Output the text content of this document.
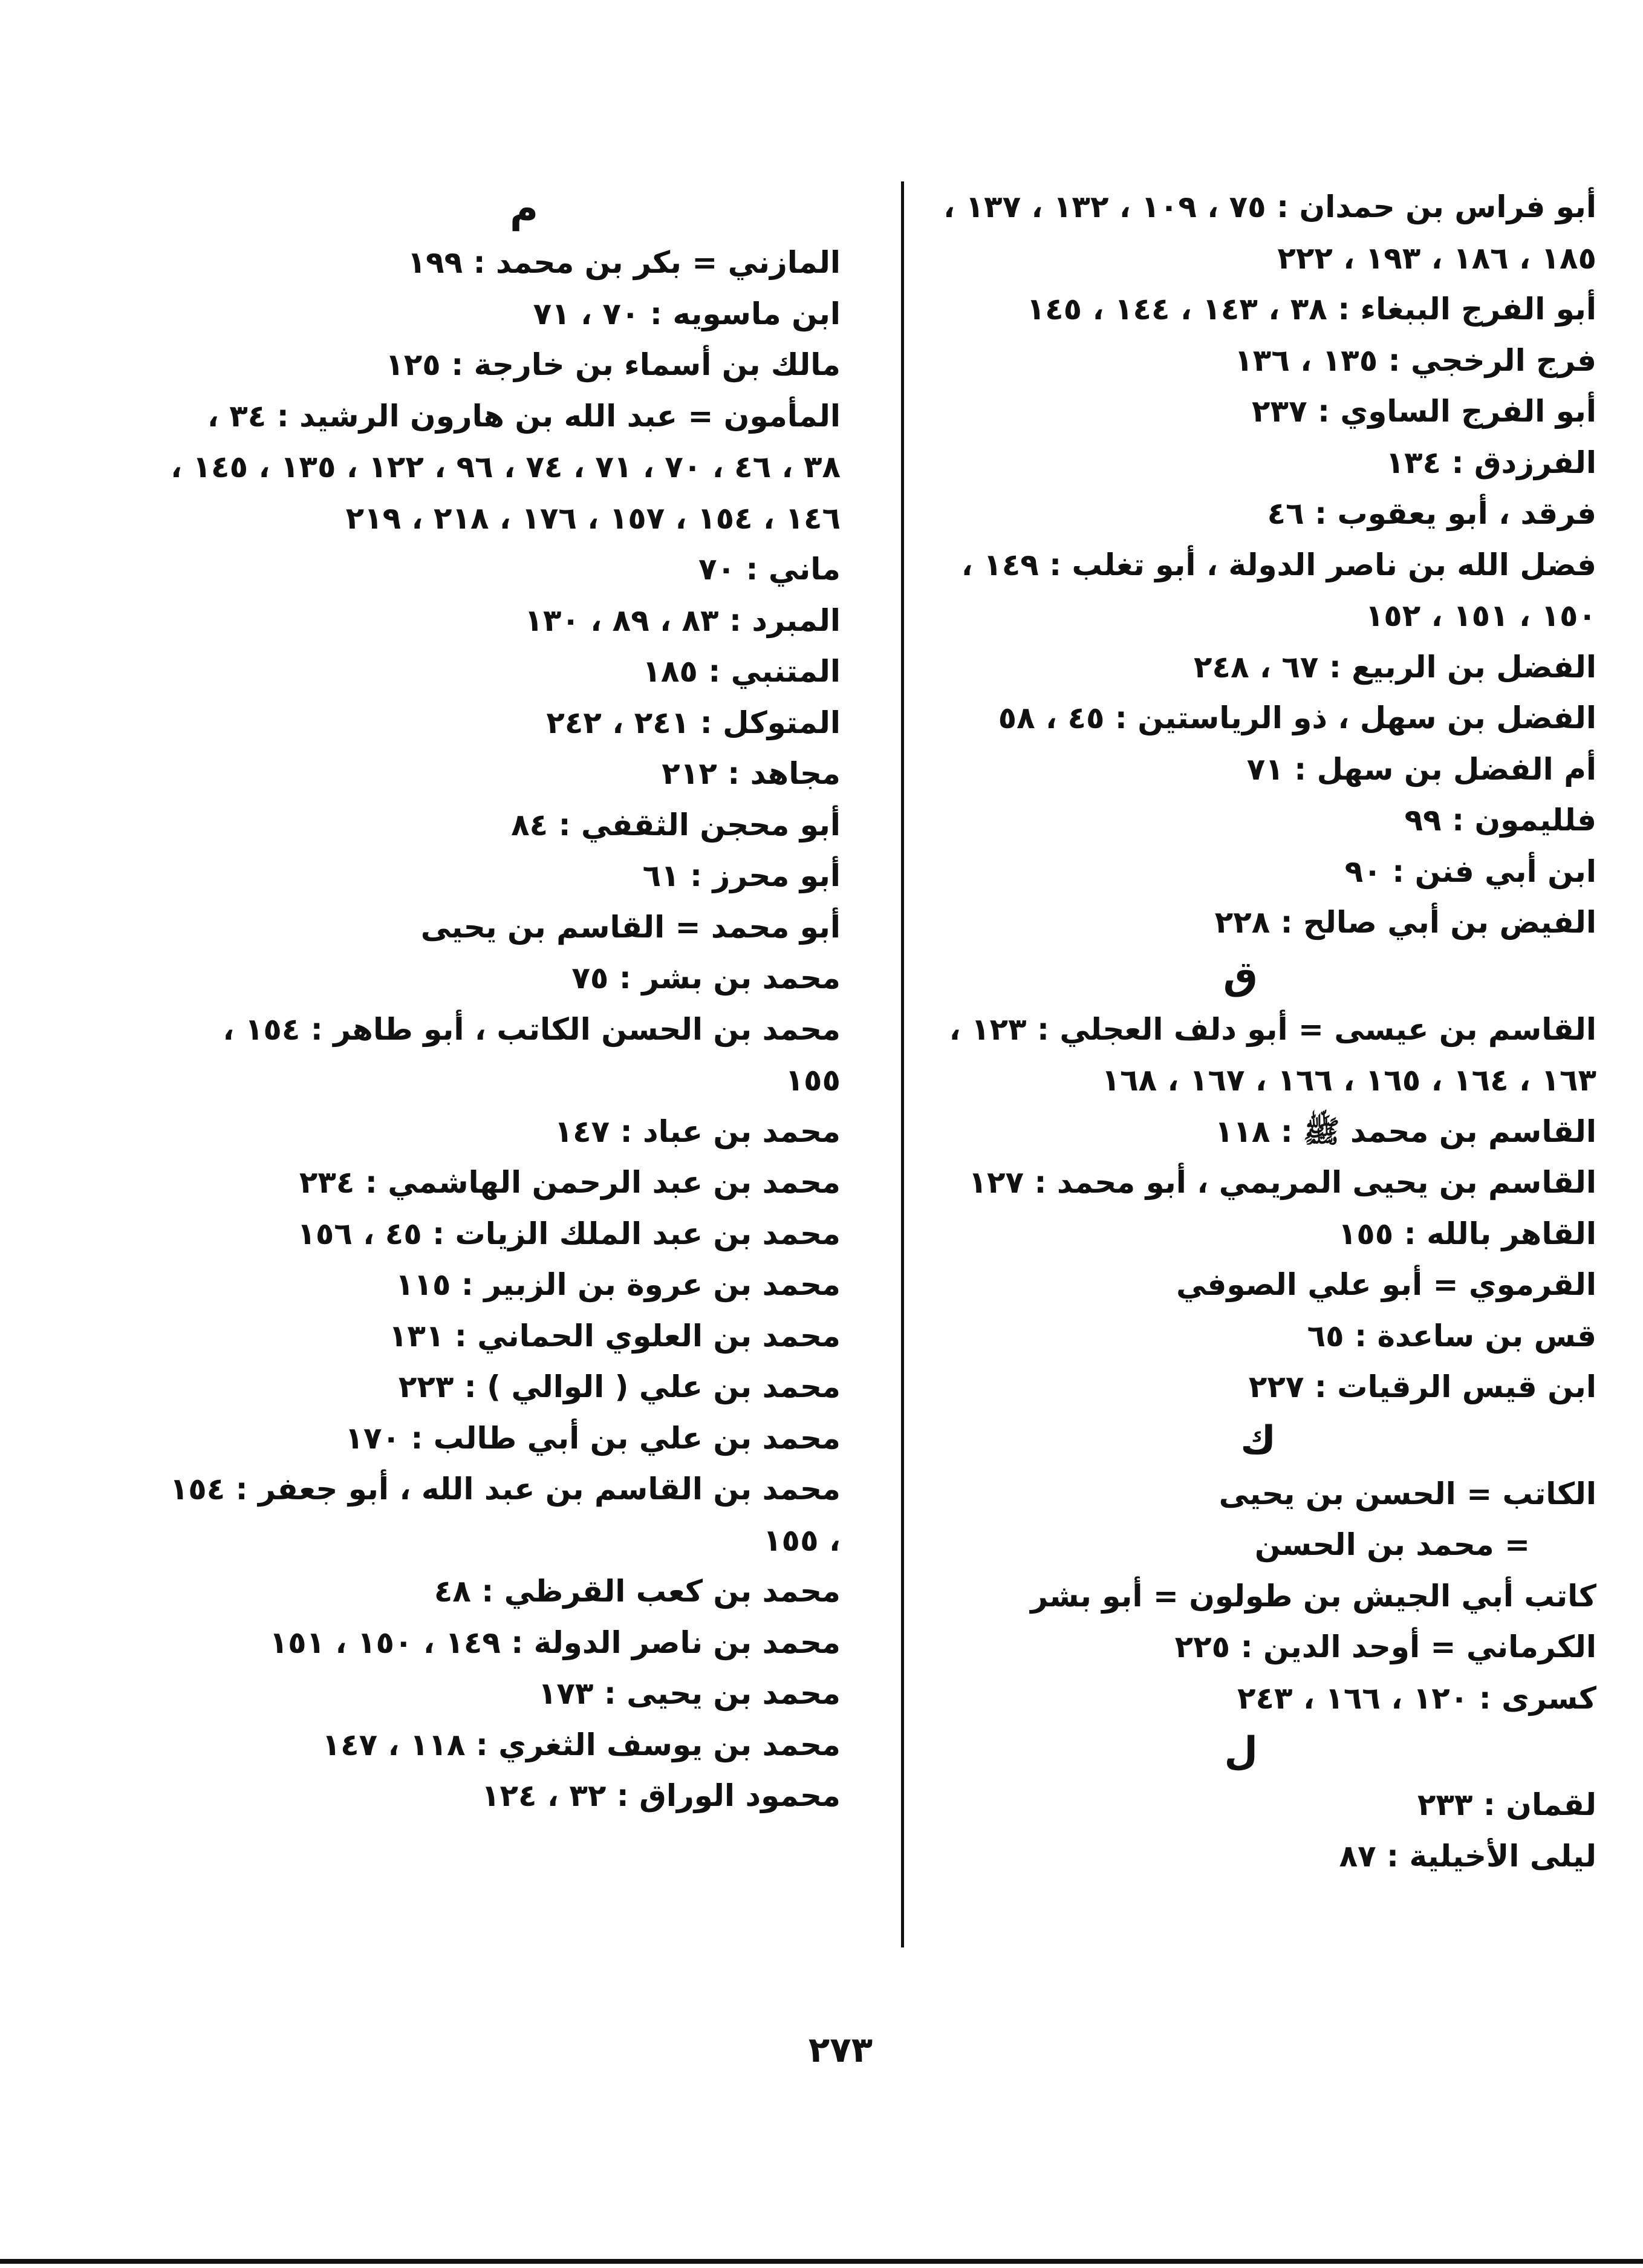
أبو فراس بن حمدان : ٧٥ ، ١٠٩ ، ١٣٢ ، ١٣٧ ، ١٨٥ ، ١٨٦ ، ١٩٣ ، ٢٢٢
أبو الفرج الببغاء : ٣٨ ، ١٤٣ ، ١٤٤ ، ١٤٥
فرج الرخجي : ١٣٥ ، ١٣٦
أبو الفرج الساوي : ٢٣٧
الفرزدق : ١٣٤
فرقد ، أبو يعقوب : ٤٦
فضل الله بن ناصر الدولة ، أبو تغلب : ١٤٩ ، ١٥٠ ، ١٥١ ، ١٥٢
الفضل بن الربيع : ٦٧ ، ٢٤٨
الفضل بن سهل ، ذو الرياستين : ٤٥ ، ٥٨
أم الفضل بن سهل : ٧١
فلليمون : ٩٩
ابن أبي فنن : ٩٠
الفيض بن أبي صالح : ٢٢٨
ق
القاسم بن عيسى = أبو دلف العجلي : ١٢٣ ، ١٦٣ ، ١٦٤ ، ١٦٥ ، ١٦٦ ، ١٦٧ ، ١٦٨
القاسم بن محمد ﷺ : ١١٨
القاسم بن يحيى المريمي ، أبو محمد : ١٢٧
القاهر بالله : ١٥٥
القرموي = أبو علي الصوفي
قس بن ساعدة : ٦٥
ابن قيس الرقيات : ٢٢٧
ك
الكاتب = الحسن بن يحيى
= محمد بن الحسن
كاتب أبي الجيش بن طولون = أبو بشر
الكرماني = أوحد الدين : ٢٢٥
كسرى : ١٢٠ ، ١٦٦ ، ٢٤٣
ل
لقمان : ٢٣٣
ليلى الأخيلية : ٨٧
م
المازني = بكر بن محمد : ١٩٩
ابن ماسويه : ٧٠ ، ٧١
مالك بن أسماء بن خارجة : ١٢٥
المأمون = عبد الله بن هارون الرشيد : ٣٤ ، ٣٨ ، ٤٦ ، ٧٠ ، ٧١ ، ٧٤ ، ٩٦ ، ١٢٢ ، ١٣٥ ، ١٤٥ ، ١٤٦ ، ١٥٤ ، ١٥٧ ، ١٧٦ ، ٢١٨ ، ٢١٩
ماني : ٧٠
المبرد : ٨٣ ، ٨٩ ، ١٣٠
المتنبي : ١٨٥
المتوكل : ٢٤١ ، ٢٤٢
مجاهد : ٢١٢
أبو محجن الثقفي : ٨٤
أبو محرز : ٦١
أبو محمد = القاسم بن يحيى
محمد بن بشر : ٧٥
محمد بن الحسن الكاتب ، أبو طاهر : ١٥٤ ، ١٥٥
محمد بن عباد : ١٤٧
محمد بن عبد الرحمن الهاشمي : ٢٣٤
محمد بن عبد الملك الزيات : ٤٥ ، ١٥٦
محمد بن عروة بن الزبير : ١١٥
محمد بن العلوي الحماني : ١٣١
محمد بن علي ( الوالي ) : ٢٢٣
محمد بن علي بن أبي طالب : ١٧٠
محمد بن القاسم بن عبد الله ، أبو جعفر : ١٥٤ ، ١٥٥
محمد بن كعب القرظي : ٤٨
محمد بن ناصر الدولة : ١٤٩ ، ١٥٠ ، ١٥١
محمد بن يحيى : ١٧٣
محمد بن يوسف الثغري : ١١٨ ، ١٤٧
محمود الوراق : ٣٢ ، ١٢٤
٢٧٣
